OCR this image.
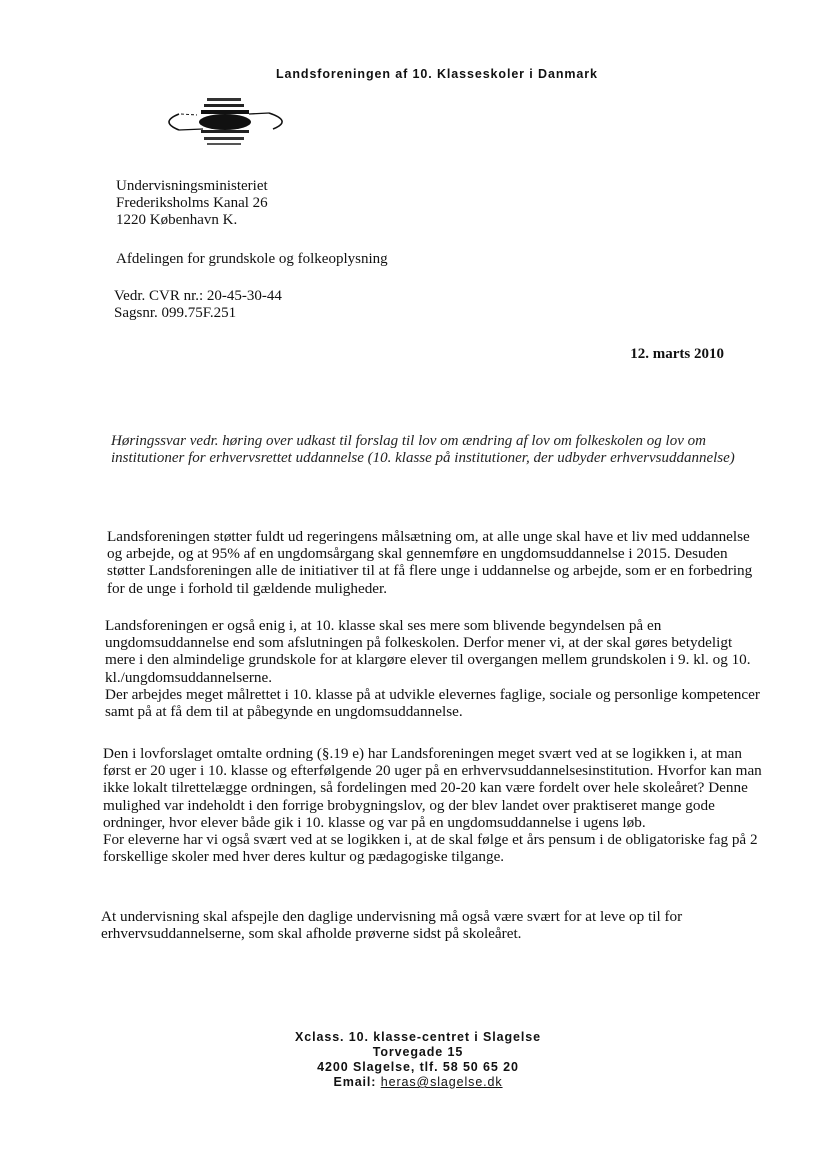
Landsforeningen af 10. Klasseskoler i Danmark
Undervisningsministeriet
Frederiksholms Kanal 26
1220 København K.
Afdelingen for grundskole og folkeoplysning
Vedr. CVR nr.: 20-45-30-44
Sagsnr. 099.75F.251
12. marts 2010
Høringssvar vedr. høring over udkast til forslag til lov om ændring af lov om folkeskolen og lov om institutioner for erhvervsrettet uddannelse (10. klasse på institutioner, der udbyder erhvervsuddannelse)
Landsforeningen støtter fuldt ud regeringens målsætning om, at alle unge skal have et liv med uddannelse og arbejde, og at 95% af en ungdomsårgang skal gennemføre en ungdomsuddannelse i 2015. Desuden støtter Landsforeningen alle de initiativer til at få flere unge i uddannelse og arbejde, som er en forbedring for de unge i forhold til gældende muligheder.
Landsforeningen er også enig i, at 10. klasse skal ses mere som blivende begyndelsen på en ungdomsuddannelse end som afslutningen på folkeskolen. Derfor mener vi, at der skal gøres betydeligt mere i den almindelige grundskole for at klargøre elever til overgangen mellem grundskolen i 9. kl. og 10. kl./ungdomsuddannelserne.
Der arbejdes meget målrettet i 10. klasse på at udvikle elevernes faglige, sociale og personlige kompetencer samt på at få dem til at påbegynde en ungdomsuddannelse.
Den i lovforslaget omtalte ordning (§.19 e) har Landsforeningen meget svært ved at se logikken i, at man først er 20 uger i 10. klasse og efterfølgende 20 uger på en erhvervsuddannelsesinstitution. Hvorfor kan man ikke lokalt tilrettelægge ordningen, så fordelingen med 20-20 kan være fordelt over hele skoleåret? Denne mulighed var indeholdt i den forrige brobygningslov, og der blev landet over praktiseret mange gode ordninger, hvor elever både gik i 10. klasse og var på en ungdomsuddannelse i ugens løb.
For eleverne har vi også svært ved at se logikken i, at de skal følge et års pensum i de obligatoriske fag på 2 forskellige skoler med hver deres kultur og pædagogiske tilgange.
At undervisning skal afspejle den daglige undervisning må også være svært for at leve op til for erhvervsuddannelserne, som skal afholde prøverne sidst på skoleåret.
Xclass. 10. klasse-centret i Slagelse
Torvegade 15
4200 Slagelse, tlf. 58 50 65 20
Email: heras@slagelse.dk
